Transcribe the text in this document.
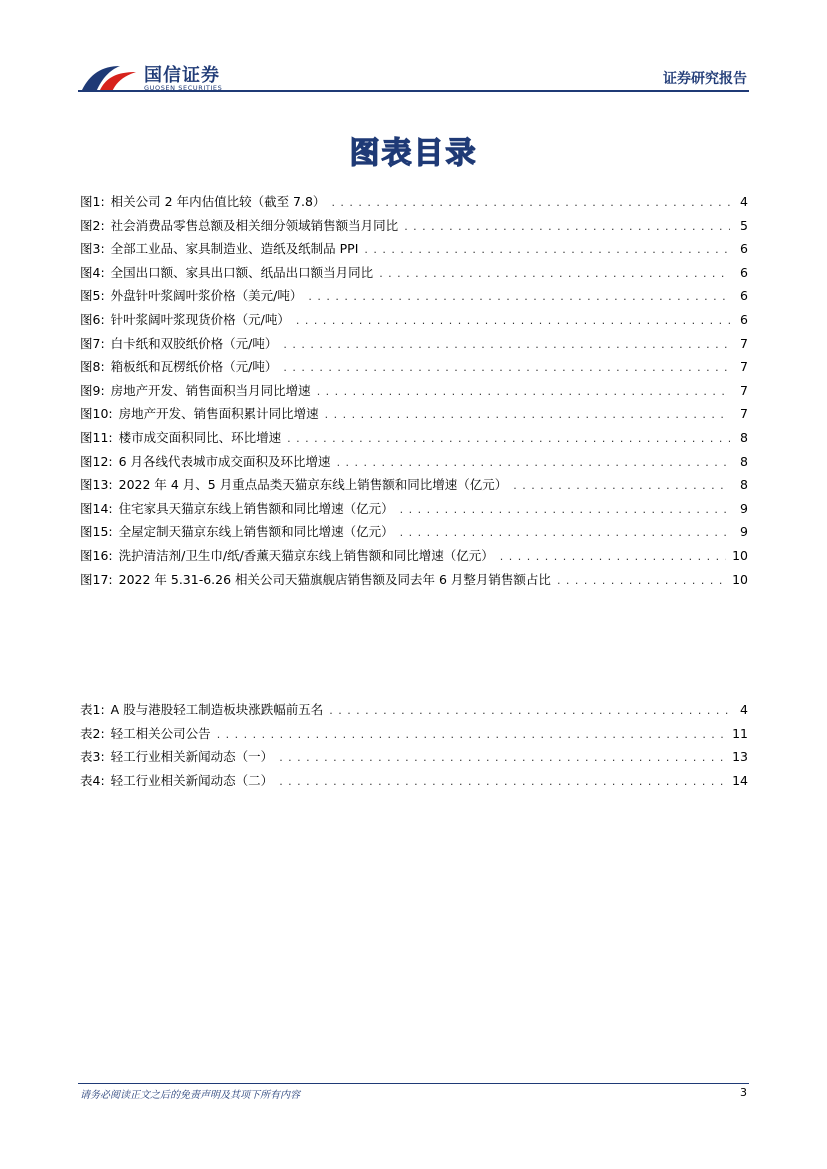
国信证券
GUOSEN SECURITIES
证券研究报告
图表目录
图1: 相关公司 2 年内估值比较（截至 7.8） . . .	4
图2: 社会消费品零售总额及相关细分领域销售额当月同比 . . .	5
图3: 全部工业品、家具制造业、造纸及纸制品 PPI . . .	6
图4: 全国出口额、家具出口额、纸品出口额当月同比 . . .	6
图5: 外盘针叶浆阔叶浆价格（美元/吨） . . .	6
图6: 针叶浆阔叶浆现货价格（元/吨） . . .	6
图7: 白卡纸和双胶纸价格（元/吨） . . .	7
图8: 箱板纸和瓦楞纸价格（元/吨） . . .	7
图9: 房地产开发、销售面积当月同比增速 . . .	7
图10: 房地产开发、销售面积累计同比增速 . . .	7
图11: 楼市成交面积同比、环比增速 . . .	8
图12: 6 月各线代表城市成交面积及环比增速 . . .	8
图13: 2022 年 4 月、5 月重点品类天猫京东线上销售额和同比增速（亿元） . . .	8
图14: 住宅家具天猫京东线上销售额和同比增速（亿元） . . .	9
图15: 全屋定制天猫京东线上销售额和同比增速（亿元） . . .	9
图16: 洗护清洁剂/卫生巾/纸/香薰天猫京东线上销售额和同比增速（亿元） . . .	10
图17: 2022 年 5.31-6.26 相关公司天猫旗舰店销售额及同去年 6 月整月销售额占比 . . .	10
表1: A 股与港股轻工制造板块涨跌幅前五名 . . .	4
表2: 轻工相关公司公告 . . .	11
表3: 轻工行业相关新闻动态（一） . . .	13
表4: 轻工行业相关新闻动态（二） . . .	14
请务必阅读正文之后的免责声明及其项下所有内容	3
